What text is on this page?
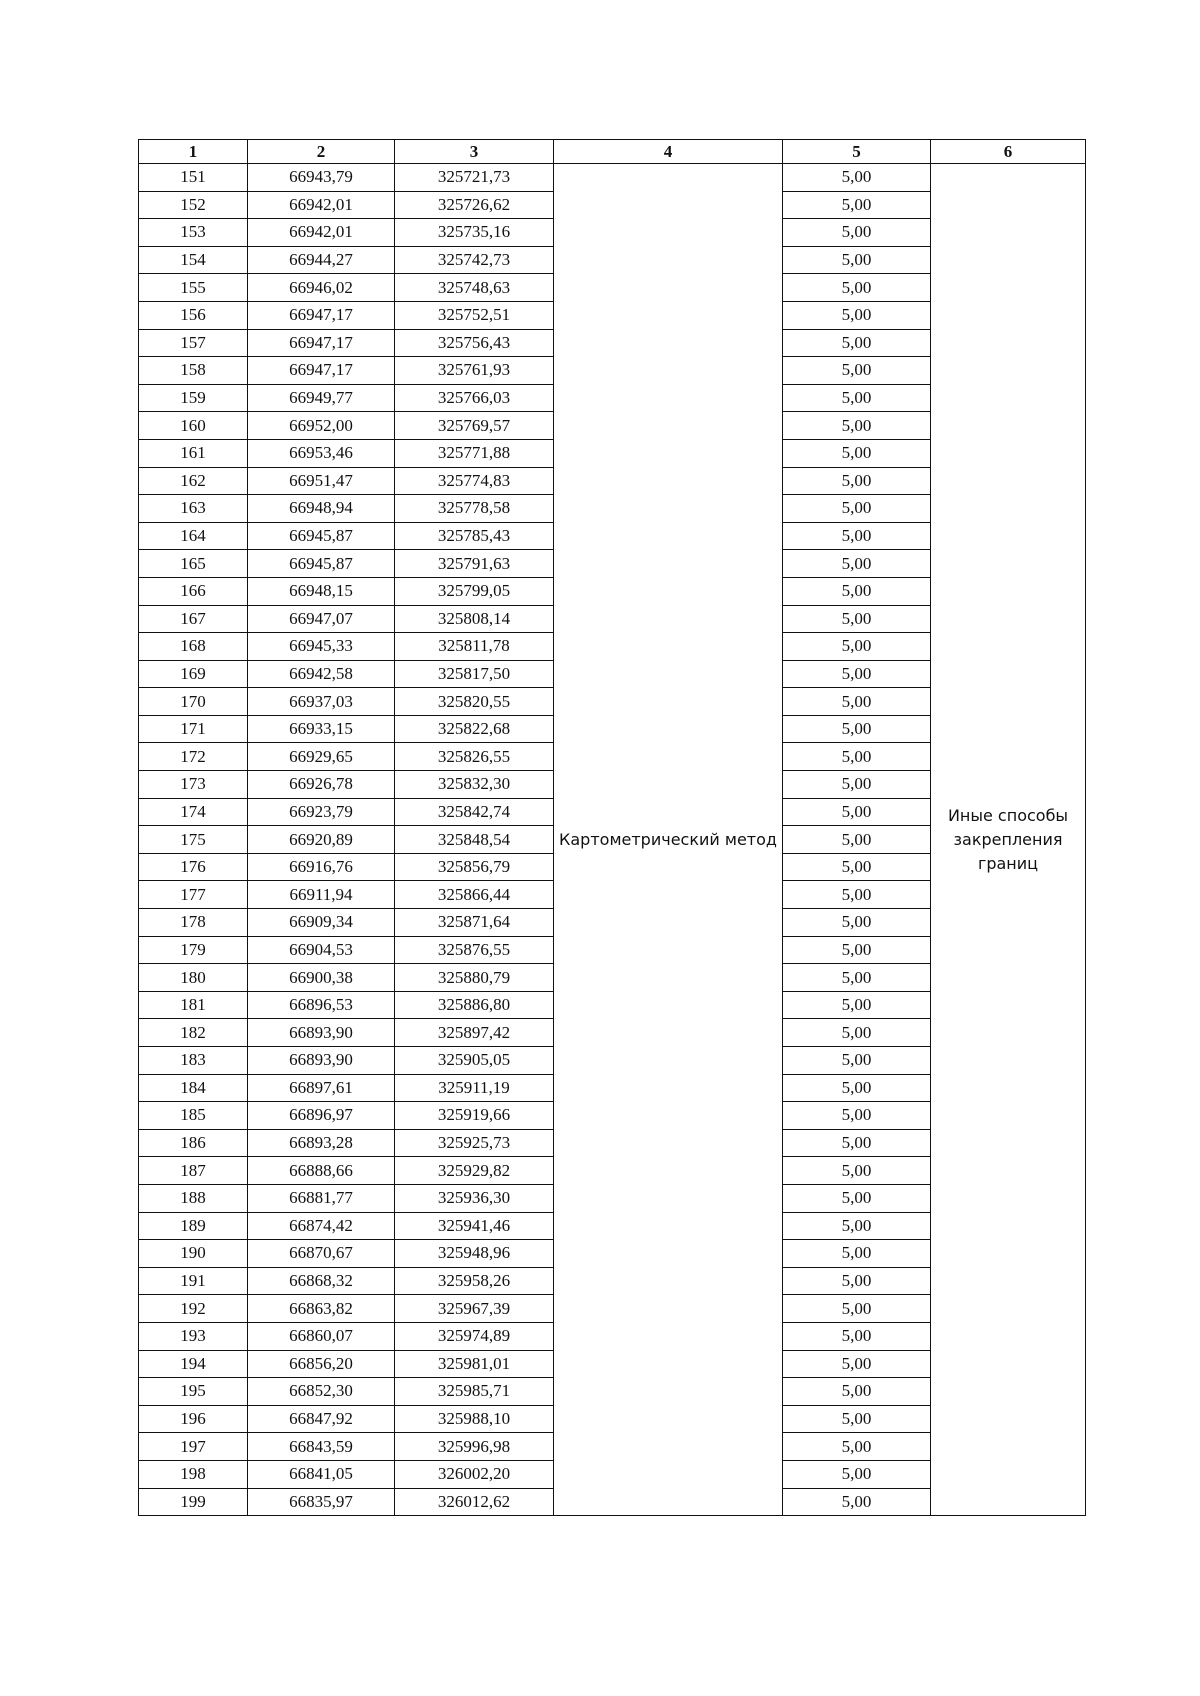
1	2	3	4	5	6
151	66943,79	325721,73	Картометрический метод	5,00	Иные способы закрепления границ
152	66942,01	325726,62		5,00	
153	66942,01	325735,16		5,00	
154	66944,27	325742,73		5,00	
155	66946,02	325748,63		5,00	
156	66947,17	325752,51		5,00	
157	66947,17	325756,43		5,00	
158	66947,17	325761,93		5,00	
159	66949,77	325766,03		5,00	
160	66952,00	325769,57		5,00	
161	66953,46	325771,88		5,00	
162	66951,47	325774,83		5,00	
163	66948,94	325778,58		5,00	
164	66945,87	325785,43		5,00	
165	66945,87	325791,63		5,00	
166	66948,15	325799,05		5,00	
167	66947,07	325808,14		5,00	
168	66945,33	325811,78		5,00	
169	66942,58	325817,50		5,00	
170	66937,03	325820,55		5,00	
171	66933,15	325822,68		5,00	
172	66929,65	325826,55		5,00	
173	66926,78	325832,30		5,00	
174	66923,79	325842,74		5,00	
175	66920,89	325848,54		5,00	
176	66916,76	325856,79		5,00	
177	66911,94	325866,44		5,00	
178	66909,34	325871,64		5,00	
179	66904,53	325876,55		5,00	
180	66900,38	325880,79		5,00	
181	66896,53	325886,80		5,00	
182	66893,90	325897,42		5,00	
183	66893,90	325905,05		5,00	
184	66897,61	325911,19		5,00	
185	66896,97	325919,66		5,00	
186	66893,28	325925,73		5,00	
187	66888,66	325929,82		5,00	
188	66881,77	325936,30		5,00	
189	66874,42	325941,46		5,00	
190	66870,67	325948,96		5,00	
191	66868,32	325958,26		5,00	
192	66863,82	325967,39		5,00	
193	66860,07	325974,89		5,00	
194	66856,20	325981,01		5,00	
195	66852,30	325985,71		5,00	
196	66847,92	325988,10		5,00	
197	66843,59	325996,98		5,00	
198	66841,05	326002,20		5,00	
199	66835,97	326012,62		5,00	
